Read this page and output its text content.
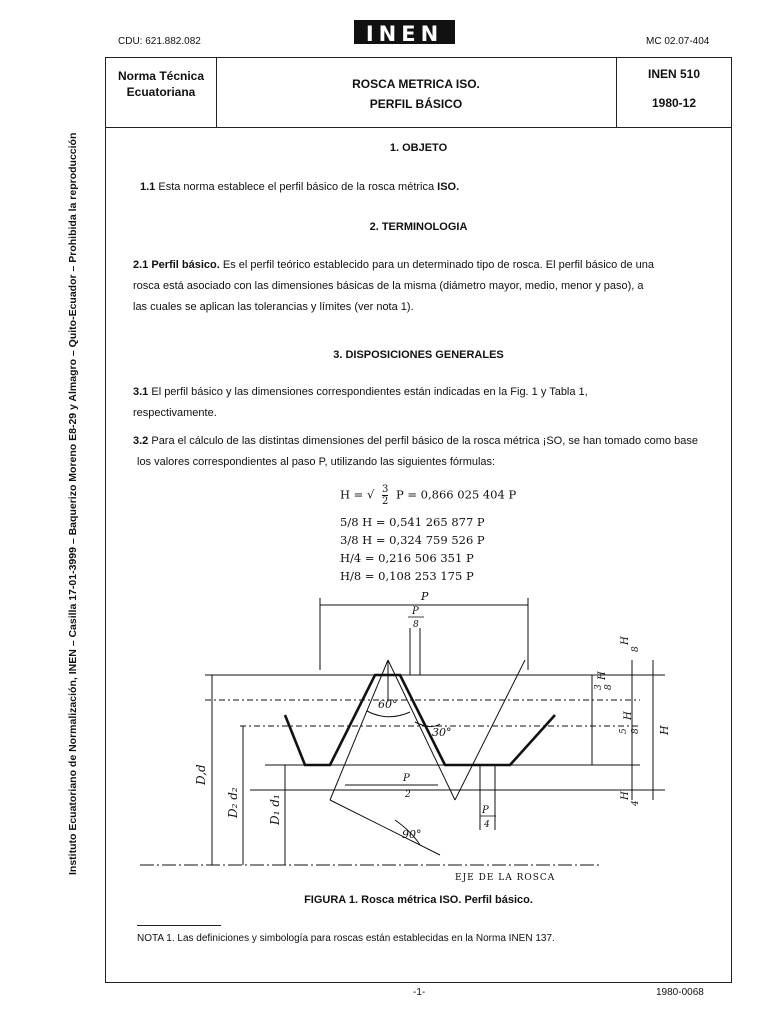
CDU: 621.882.082	INEN	MC 02.07-404
Instituto Ecuatoriano de Normalización, INEN – Casilla 17-01-3999 – Baquerizo Moreno E8-29 y Almagro – Quito-Ecuador – Prohibida la reproducción
Norma Técnica
Ecuatoriana
ROSCA METRICA ISO.
PERFIL BÁSICO
INEN 510
1980-12
1. OBJETO
1.1 Esta norma establece el perfil básico de la rosca métrica ISO.
2. TERMINOLOGIA
2.1 Perfil básico. Es el perfil teórico establecido para un determinado tipo de rosca. El perfil básico de una
rosca está asociado con las dimensiones básicas de la misma (diámetro mayor, medio, menor y paso), a
las cuales se aplican las tolerancias y límites (ver nota 1).
3. DISPOSICIONES GENERALES
3.1 El perfil básico y las dimensiones correspondientes están indicadas en la Fig. 1 y Tabla 1,
respectivamente.
3.2 Para el cálculo de las distintas dimensiones del perfil básico de la rosca métrica ¡SO, se han tomado como base
los valores correspondientes al paso P, utilizando las siguientes fórmulas:
H = √ $\frac{3}{2}$ P = 0,866 025 404 P
5/8 H = 0,541 265 877 P
3/8 H = 0,324 759 526 P
H/4 = 0,216 506 351 P
H/8 = 0,108 253 175 P
60°
30°
90°
EJE DE LA ROSCA
P
P
8
P
2
P
4
H
8
3 8
H
5 8
H
H
4
H
D,d
D₂ d₂ D₁ d₁
FIGURA 1. Rosca métrica ISO. Perfil básico.
NOTA 1. Las definiciones y simbología para roscas están establecidas en la Norma INEN 137.
-1-	1980-0068
